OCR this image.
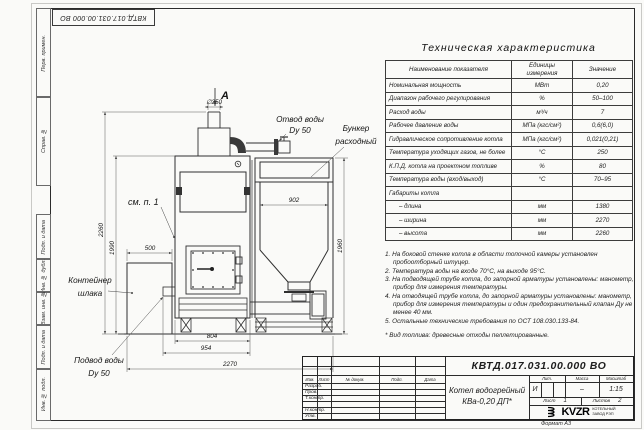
Перв. примен.
Справ. №
Подп. и дата
Инв. № дубл.
Взам. инв. №
Подп. и дата
Инв. № подл.
КВТД.017.031.00.000 ВО
А
∅250
2260
1990	500
902
1960
804
954
2270
Отвод воды
Dy 50	Бункер
расходный
см. п. 1
Контейнер
шлака
Подвод воды
Dy 50
Техническая характеристика
Наименование показателя	Единицы измерения	Значение
Номинальная мощность	МВт	0,20
Диапазон рабочего регулирования	%	50–100
Расход воды	м³/ч	7
Рабочее давление воды	МПа (кгс/см²)	0,6(6,0)
Гидравлическое сопротивление котла	МПа (кгс/см²)	0,021(0,21)
Температура уходящих газов, не более	°С	250
К.П.Д. котла на проектном топливе	%	80
Температура воды (вход/выход)	°С	70–95
Габариты котла		
– длина	мм	1380
– ширина	мм	2270
– высота	мм	2260
1. На боковой стенке котла в области топочной камеры установлен пробоотборный штуцер.
2. Температура воды на входе 70°С, на выходе 95°С.
3. На подводящей трубе котла, до запорной арматуры установлены: манометр, прибор для измерения температуры.
4. На отводящей трубе котла, до запорной арматуры установлены: манометр, прибор для измерения температуры и один предохранительный клапан Ду не менее 40 мм.
5. Остальные технические требования по ОСТ 108.030.133-84.
* Вид топлива: древесные отходы пеллетированные.
КВТД.017.031.00.000 ВО
Изм. Лист	№ докум.	Подп.	Дата
Разраб.
Пров.
Т.контр.
Н.контр.
Утв.
Котел водогрейный
КВа-0,20 ДП*
Лит.	Масса	Масштаб
И	–	1:15
Лист 1	Листов 2
KVZR КОТЕЛЬНЫЙ
ЗАВОД РЭП
Формат А3
